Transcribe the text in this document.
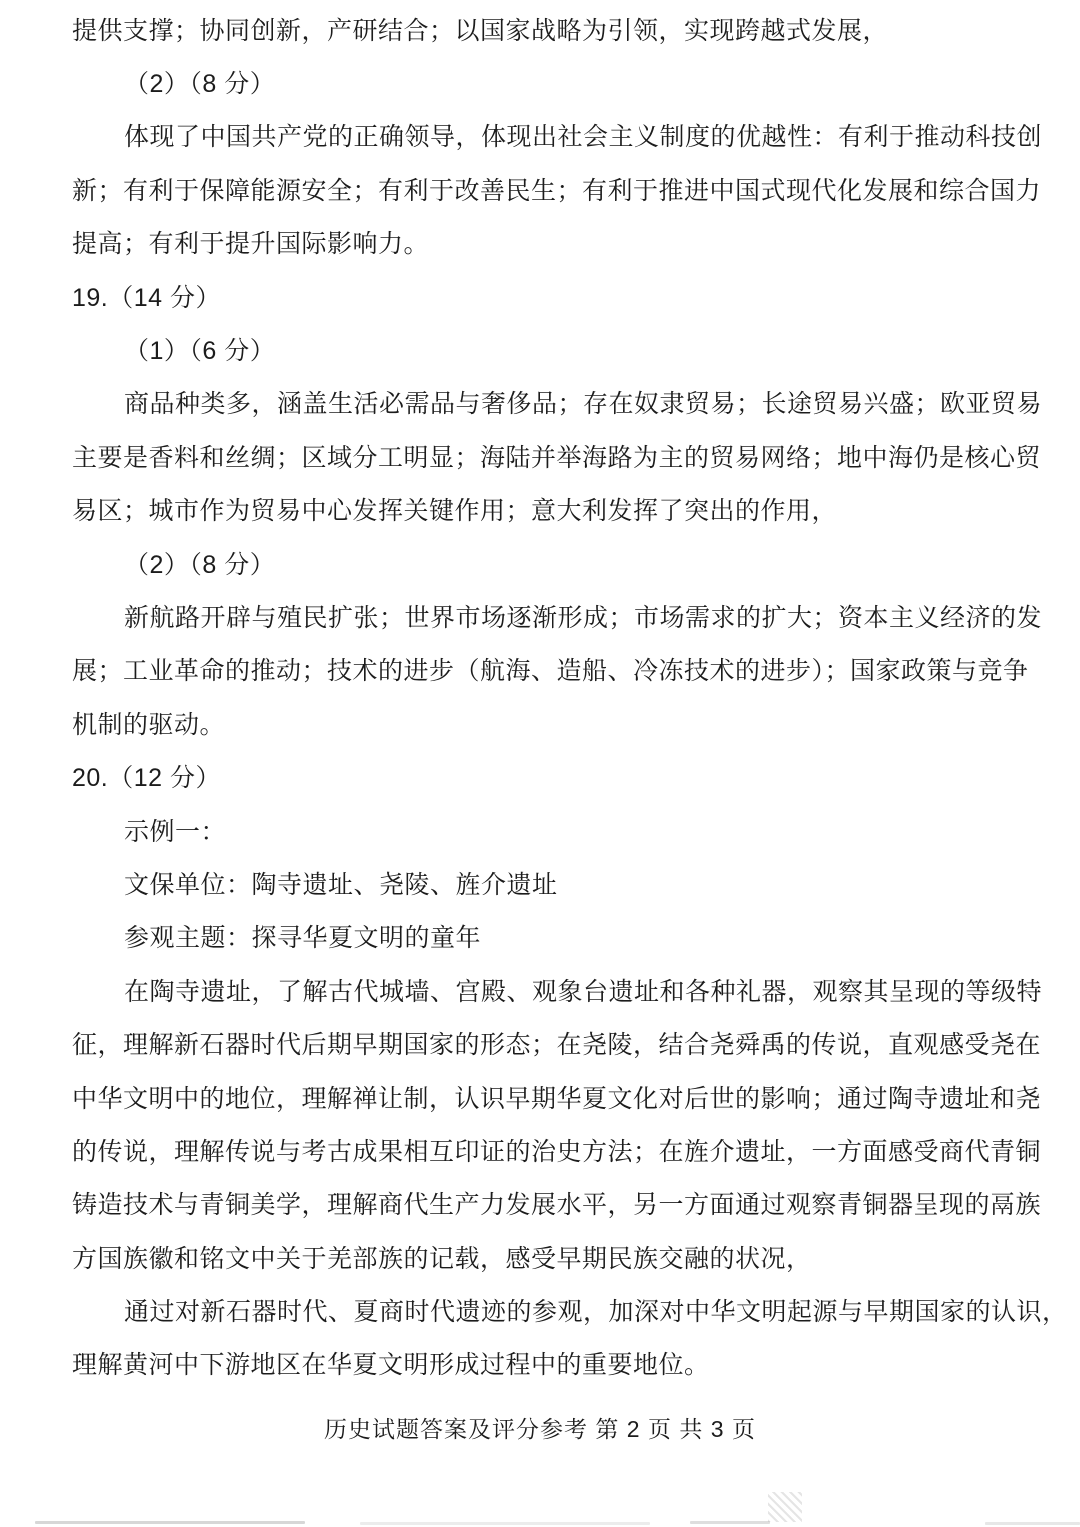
提供支撑；协同创新，产研结合；以国家战略为引领，实现跨越式发展，
（2）（8 分）
体现了中国共产党的正确领导，体现出社会主义制度的优越性：有利于推动科技创
新；有利于保障能源安全；有利于改善民生；有利于推进中国式现代化发展和综合国力
提高；有利于提升国际影响力。
19.（14 分）
（1）（6 分）
商品种类多，涵盖生活必需品与奢侈品；存在奴隶贸易；长途贸易兴盛；欧亚贸易
主要是香料和丝绸；区域分工明显；海陆并举海路为主的贸易网络；地中海仍是核心贸
易区；城市作为贸易中心发挥关键作用；意大利发挥了突出的作用，
（2）（8 分）
新航路开辟与殖民扩张；世界市场逐渐形成；市场需求的扩大；资本主义经济的发
展；工业革命的推动；技术的进步（航海、造船、冷冻技术的进步）；国家政策与竞争
机制的驱动。
20.（12 分）
示例一：
文保单位：陶寺遗址、尧陵、旌介遗址
参观主题：探寻华夏文明的童年
在陶寺遗址，了解古代城墙、宫殿、观象台遗址和各种礼器，观察其呈现的等级特
征，理解新石器时代后期早期国家的形态；在尧陵，结合尧舜禹的传说，直观感受尧在
中华文明中的地位，理解禅让制，认识早期华夏文化对后世的影响；通过陶寺遗址和尧
的传说，理解传说与考古成果相互印证的治史方法；在旌介遗址，一方面感受商代青铜
铸造技术与青铜美学，理解商代生产力发展水平，另一方面通过观察青铜器呈现的鬲族
方国族徽和铭文中关于羌部族的记载，感受早期民族交融的状况，
通过对新石器时代、夏商时代遗迹的参观，加深对中华文明起源与早期国家的认识，
理解黄河中下游地区在华夏文明形成过程中的重要地位。
历史试题答案及评分参考 第 2 页 共 3 页
